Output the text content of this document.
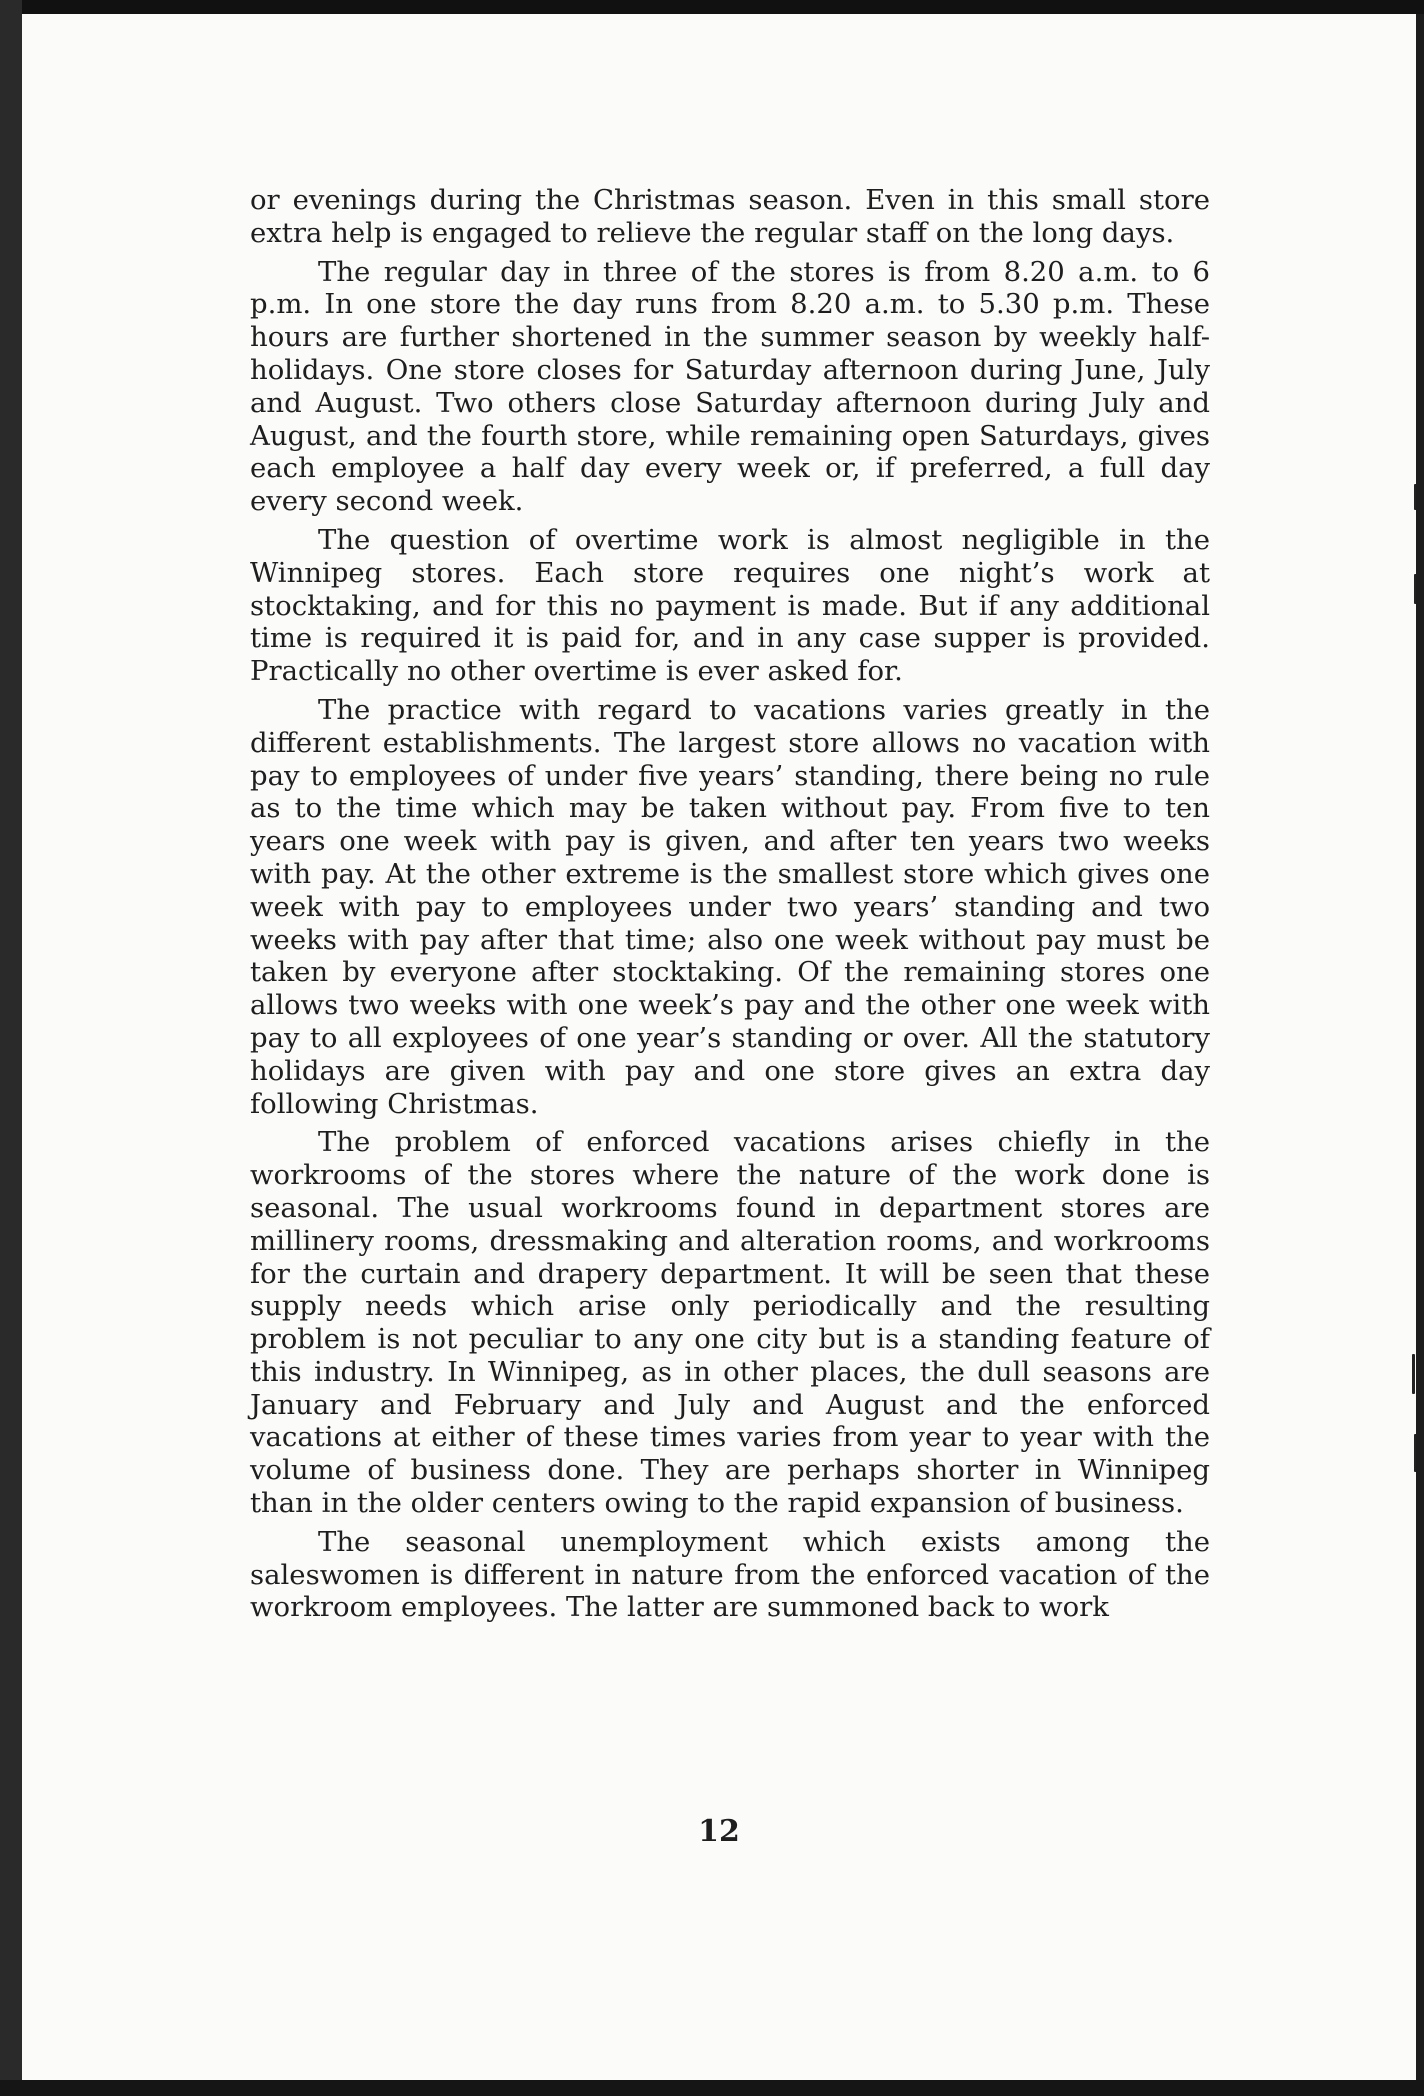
or evenings during the Christmas season. Even in this small store extra help is engaged to relieve the regular staff on the long days.

The regular day in three of the stores is from 8.20 a.m. to 6 p.m. In one store the day runs from 8.20 a.m. to 5.30 p.m. These hours are further shortened in the summer season by weekly half-holidays. One store closes for Saturday afternoon during June, July and August. Two others close Saturday afternoon during July and August, and the fourth store, while remaining open Saturdays, gives each employee a half day every week or, if preferred, a full day every second week.

The question of overtime work is almost negligible in the Winnipeg stores. Each store requires one night’s work at stocktaking, and for this no payment is made. But if any additional time is required it is paid for, and in any case supper is provided. Practically no other overtime is ever asked for.

The practice with regard to vacations varies greatly in the different establishments. The largest store allows no vacation with pay to employees of under five years’ standing, there being no rule as to the time which may be taken without pay. From five to ten years one week with pay is given, and after ten years two weeks with pay. At the other extreme is the smallest store which gives one week with pay to employees under two years’ standing and two weeks with pay after that time; also one week without pay must be taken by everyone after stocktaking. Of the remaining stores one allows two weeks with one week’s pay and the other one week with pay to all exployees of one year’s standing or over. All the statutory holidays are given with pay and one store gives an extra day following Christmas.

The problem of enforced vacations arises chiefly in the workrooms of the stores where the nature of the work done is seasonal. The usual workrooms found in department stores are millinery rooms, dressmaking and alteration rooms, and workrooms for the curtain and drapery department. It will be seen that these supply needs which arise only periodically and the resulting problem is not peculiar to any one city but is a standing feature of this industry. In Winnipeg, as in other places, the dull seasons are January and February and July and August and the enforced vacations at either of these times varies from year to year with the volume of business done. They are perhaps shorter in Winnipeg than in the older centers owing to the rapid expansion of business.

The seasonal unemployment which exists among the saleswomen is different in nature from the enforced vacation of the workroom employees. The latter are summoned back to work

12
